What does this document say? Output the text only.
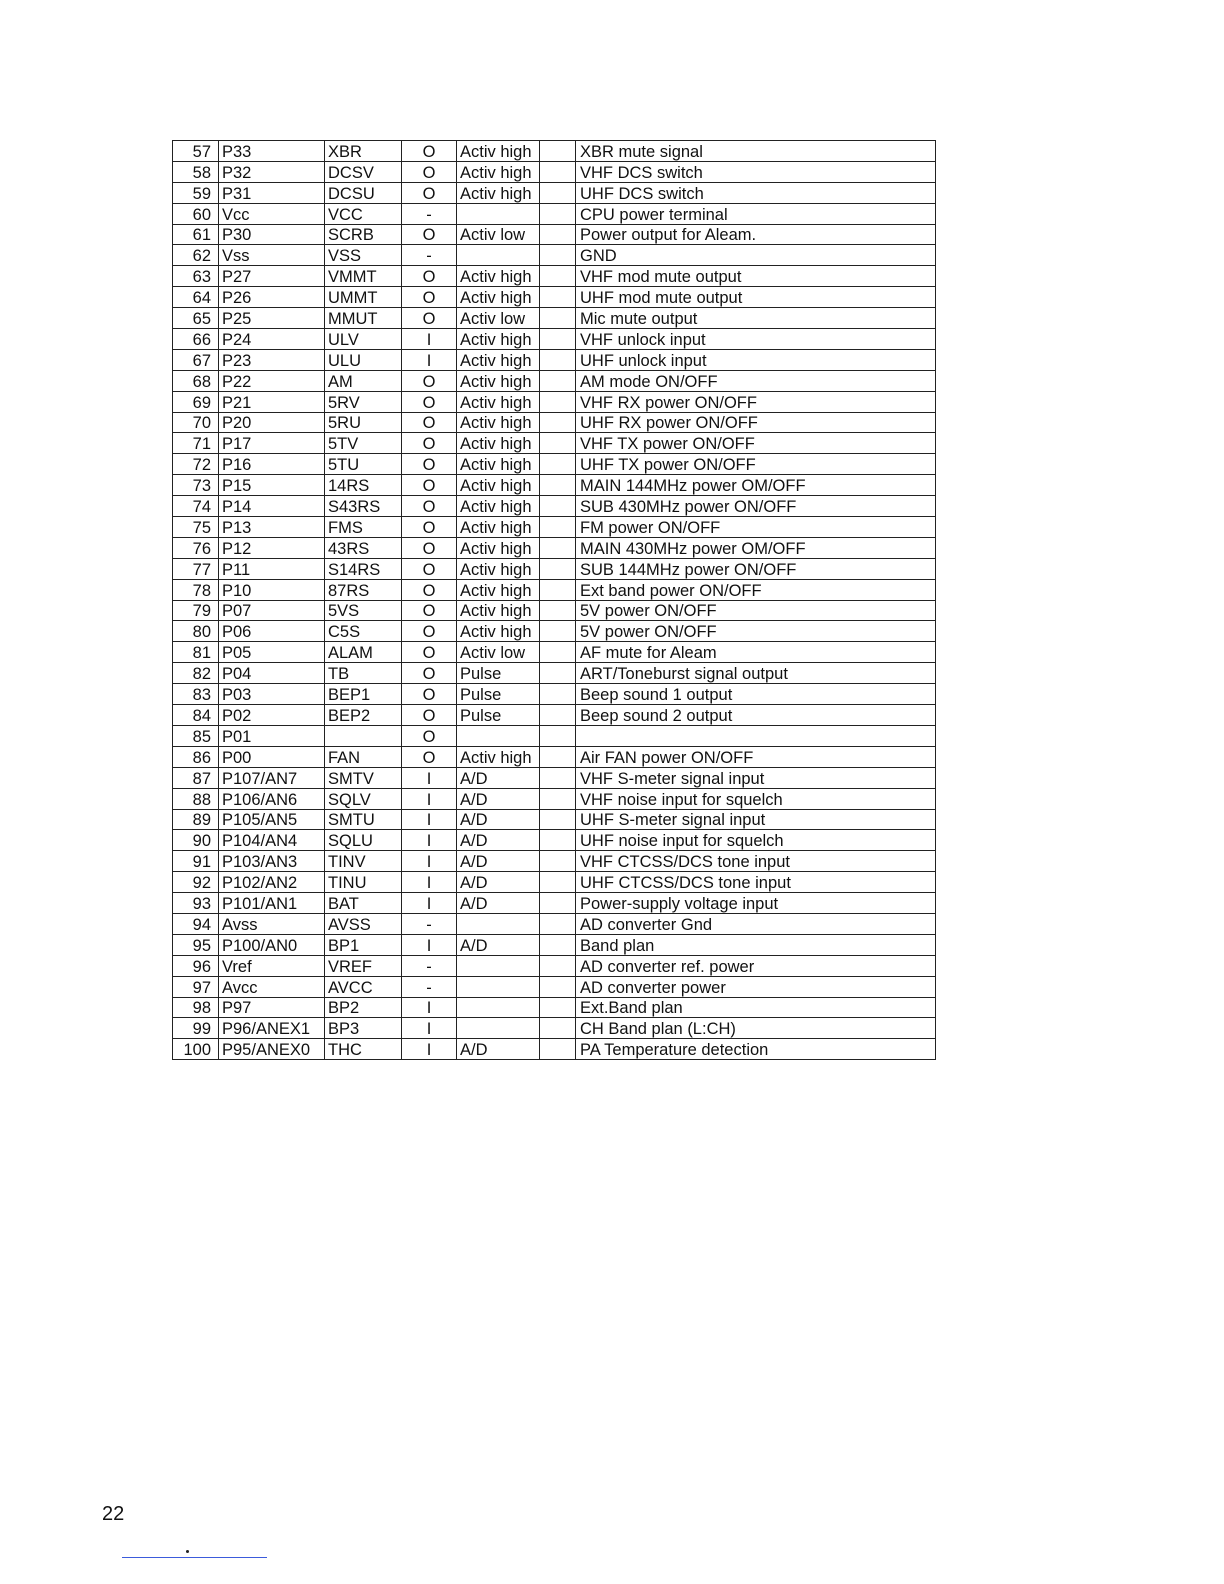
57	P33	XBR	O	Activ high		XBR mute signal
58	P32	DCSV	O	Activ high		VHF DCS switch
59	P31	DCSU	O	Activ high		UHF DCS switch
60	Vcc	VCC	-			CPU power terminal
61	P30	SCRB	O	Activ low		Power output for Aleam.
62	Vss	VSS	-			GND
63	P27	VMMT	O	Activ high		VHF mod mute output
64	P26	UMMT	O	Activ high		UHF mod mute output
65	P25	MMUT	O	Activ low		Mic mute output
66	P24	ULV	I	Activ high		VHF unlock input
67	P23	ULU	I	Activ high		UHF unlock input
68	P22	AM	O	Activ high		AM mode ON/OFF
69	P21	5RV	O	Activ high		VHF RX power ON/OFF
70	P20	5RU	O	Activ high		UHF RX power ON/OFF
71	P17	5TV	O	Activ high		VHF TX power ON/OFF
72	P16	5TU	O	Activ high		UHF TX power ON/OFF
73	P15	14RS	O	Activ high		MAIN 144MHz power OM/OFF
74	P14	S43RS	O	Activ high		SUB 430MHz power ON/OFF
75	P13	FMS	O	Activ high		FM power ON/OFF
76	P12	43RS	O	Activ high		MAIN 430MHz power OM/OFF
77	P11	S14RS	O	Activ high		SUB 144MHz power ON/OFF
78	P10	87RS	O	Activ high		Ext band power ON/OFF
79	P07	5VS	O	Activ high		5V power ON/OFF
80	P06	C5S	O	Activ high		5V power ON/OFF
81	P05	ALAM	O	Activ low		AF mute for Aleam
82	P04	TB	O	Pulse		ART/Toneburst signal output
83	P03	BEP1	O	Pulse		Beep sound 1 output
84	P02	BEP2	O	Pulse		Beep sound 2 output
85	P01		O			
86	P00	FAN	O	Activ high		Air FAN power ON/OFF
87	P107/AN7	SMTV	I	A/D		VHF S-meter signal input
88	P106/AN6	SQLV	I	A/D		VHF noise input for squelch
89	P105/AN5	SMTU	I	A/D		UHF S-meter signal input
90	P104/AN4	SQLU	I	A/D		UHF noise input for squelch
91	P103/AN3	TINV	I	A/D		VHF CTCSS/DCS tone input
92	P102/AN2	TINU	I	A/D		UHF CTCSS/DCS tone input
93	P101/AN1	BAT	I	A/D		Power-supply voltage input
94	Avss	AVSS	-			AD converter Gnd
95	P100/AN0	BP1	I	A/D		Band plan
96	Vref	VREF	-			AD converter ref. power
97	Avcc	AVCC	-			AD converter power
98	P97	BP2	I			Ext.Band plan
99	P96/ANEX1	BP3	I			CH Band plan (L:CH)
100	P95/ANEX0	THC	I	A/D		PA Temperature detection
22
